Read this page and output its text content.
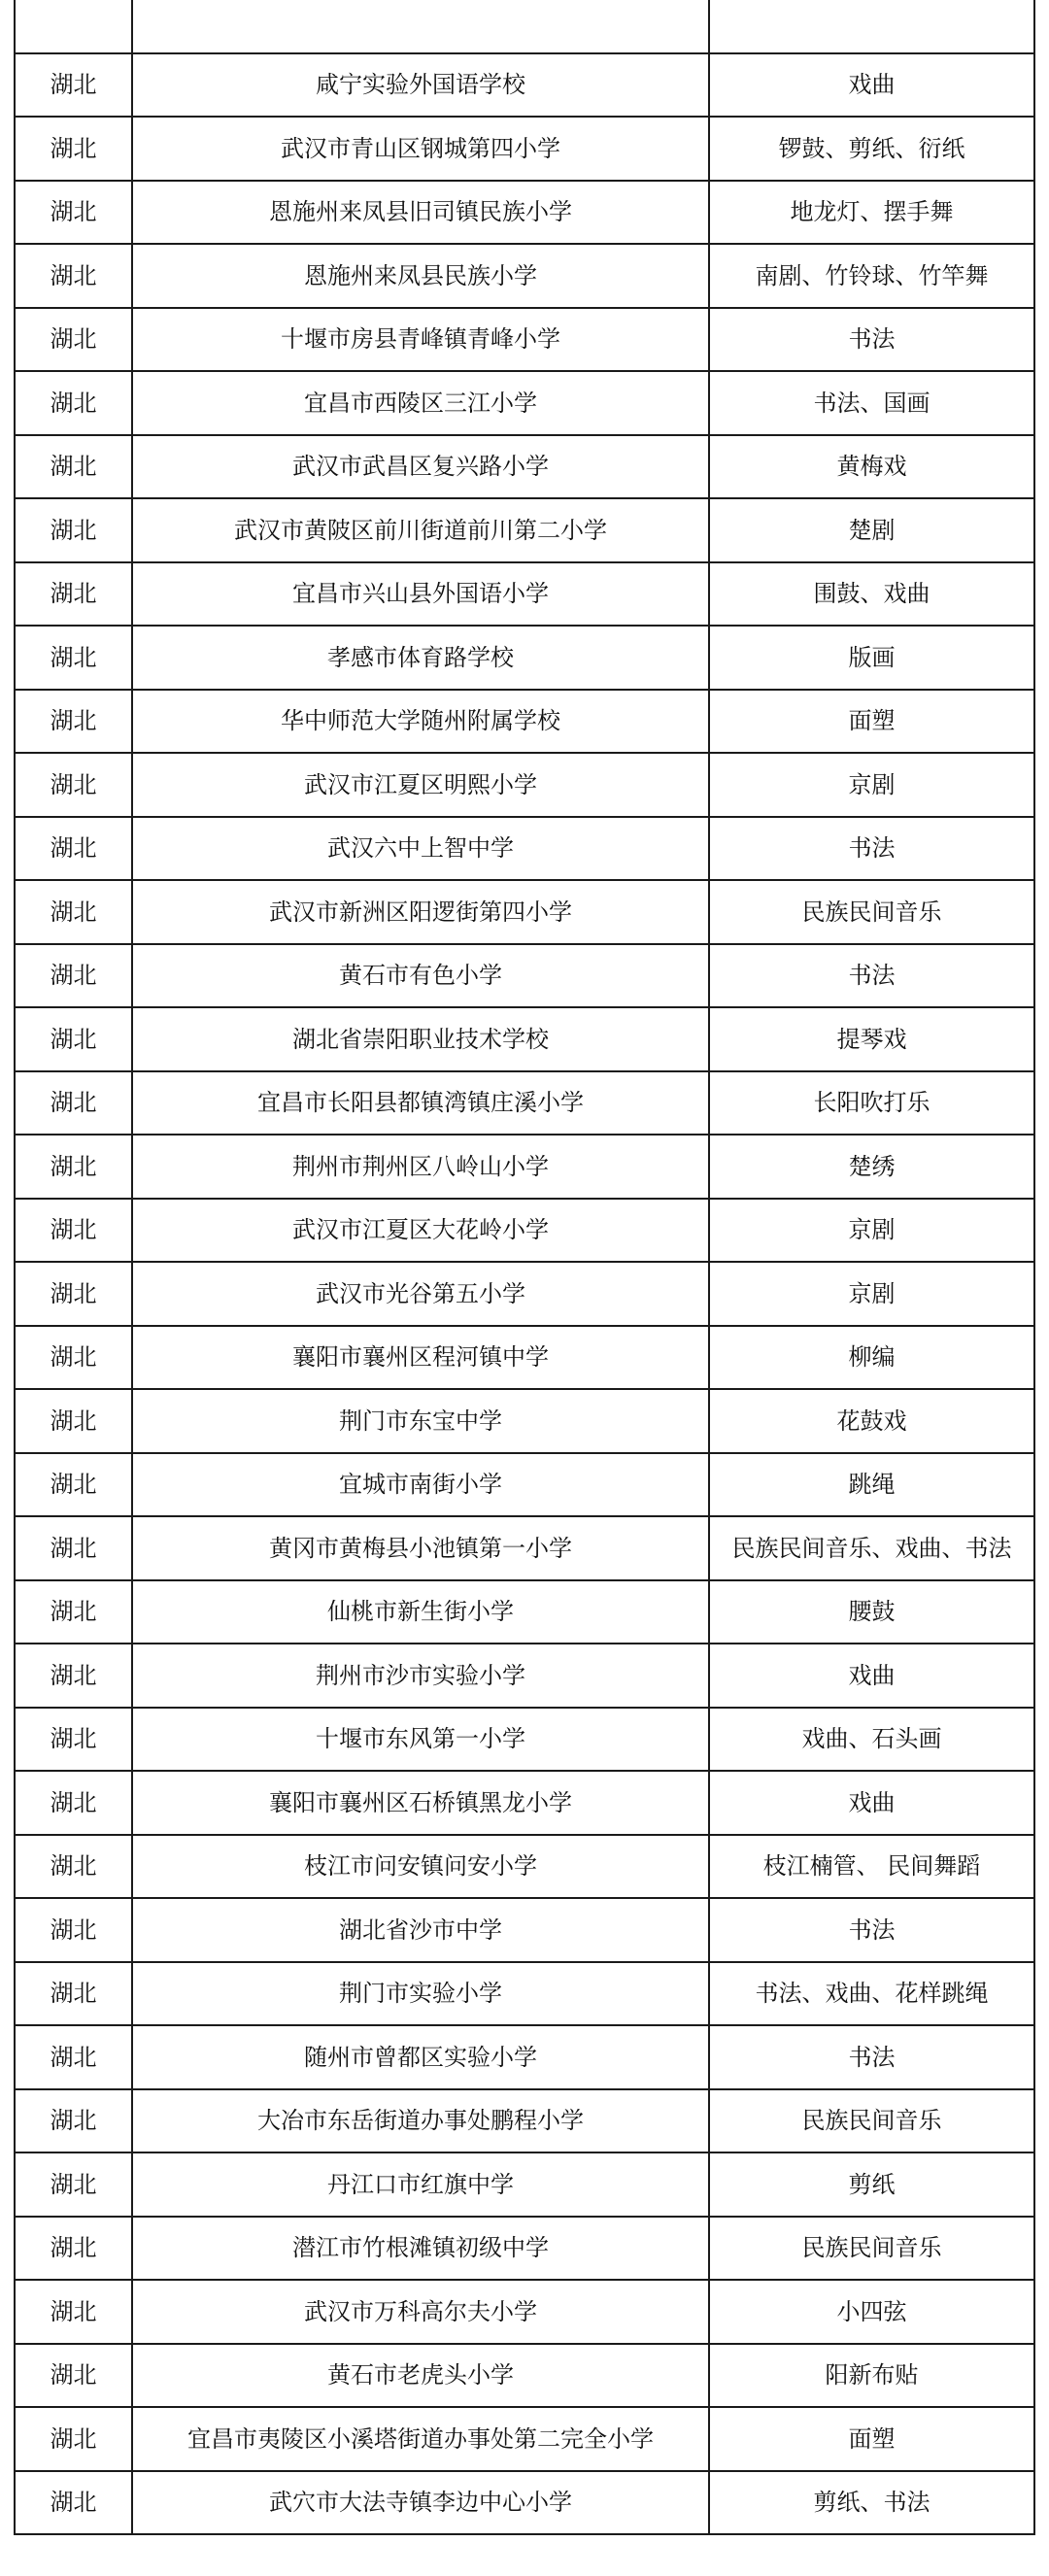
湖北	咸宁实验外国语学校	戏曲
湖北	武汉市青山区钢城第四小学	锣鼓、剪纸、衍纸
湖北	恩施州来凤县旧司镇民族小学	地龙灯、摆手舞
湖北	恩施州来凤县民族小学	南剧、竹铃球、竹竿舞
湖北	十堰市房县青峰镇青峰小学	书法
湖北	宜昌市西陵区三江小学	书法、国画
湖北	武汉市武昌区复兴路小学	黄梅戏
湖北	武汉市黄陂区前川街道前川第二小学	楚剧
湖北	宜昌市兴山县外国语小学	围鼓、戏曲
湖北	孝感市体育路学校	版画
湖北	华中师范大学随州附属学校	面塑
湖北	武汉市江夏区明熙小学	京剧
湖北	武汉六中上智中学	书法
湖北	武汉市新洲区阳逻街第四小学	民族民间音乐
湖北	黄石市有色小学	书法
湖北	湖北省崇阳职业技术学校	提琴戏
湖北	宜昌市长阳县都镇湾镇庄溪小学	长阳吹打乐
湖北	荆州市荆州区八岭山小学	楚绣
湖北	武汉市江夏区大花岭小学	京剧
湖北	武汉市光谷第五小学	京剧
湖北	襄阳市襄州区程河镇中学	柳编
湖北	荆门市东宝中学	花鼓戏
湖北	宜城市南街小学	跳绳
湖北	黄冈市黄梅县小池镇第一小学	民族民间音乐、戏曲、书法
湖北	仙桃市新生街小学	腰鼓
湖北	荆州市沙市实验小学	戏曲
湖北	十堰市东风第一小学	戏曲、石头画
湖北	襄阳市襄州区石桥镇黑龙小学	戏曲
湖北	枝江市问安镇问安小学	枝江楠管、 民间舞蹈
湖北	湖北省沙市中学	书法
湖北	荆门市实验小学	书法、戏曲、花样跳绳
湖北	随州市曾都区实验小学	书法
湖北	大冶市东岳街道办事处鹏程小学	民族民间音乐
湖北	丹江口市红旗中学	剪纸
湖北	潜江市竹根滩镇初级中学	民族民间音乐
湖北	武汉市万科高尔夫小学	小四弦
湖北	黄石市老虎头小学	阳新布贴
湖北	宜昌市夷陵区小溪塔街道办事处第二完全小学	面塑
湖北	武穴市大法寺镇李边中心小学	剪纸、书法
